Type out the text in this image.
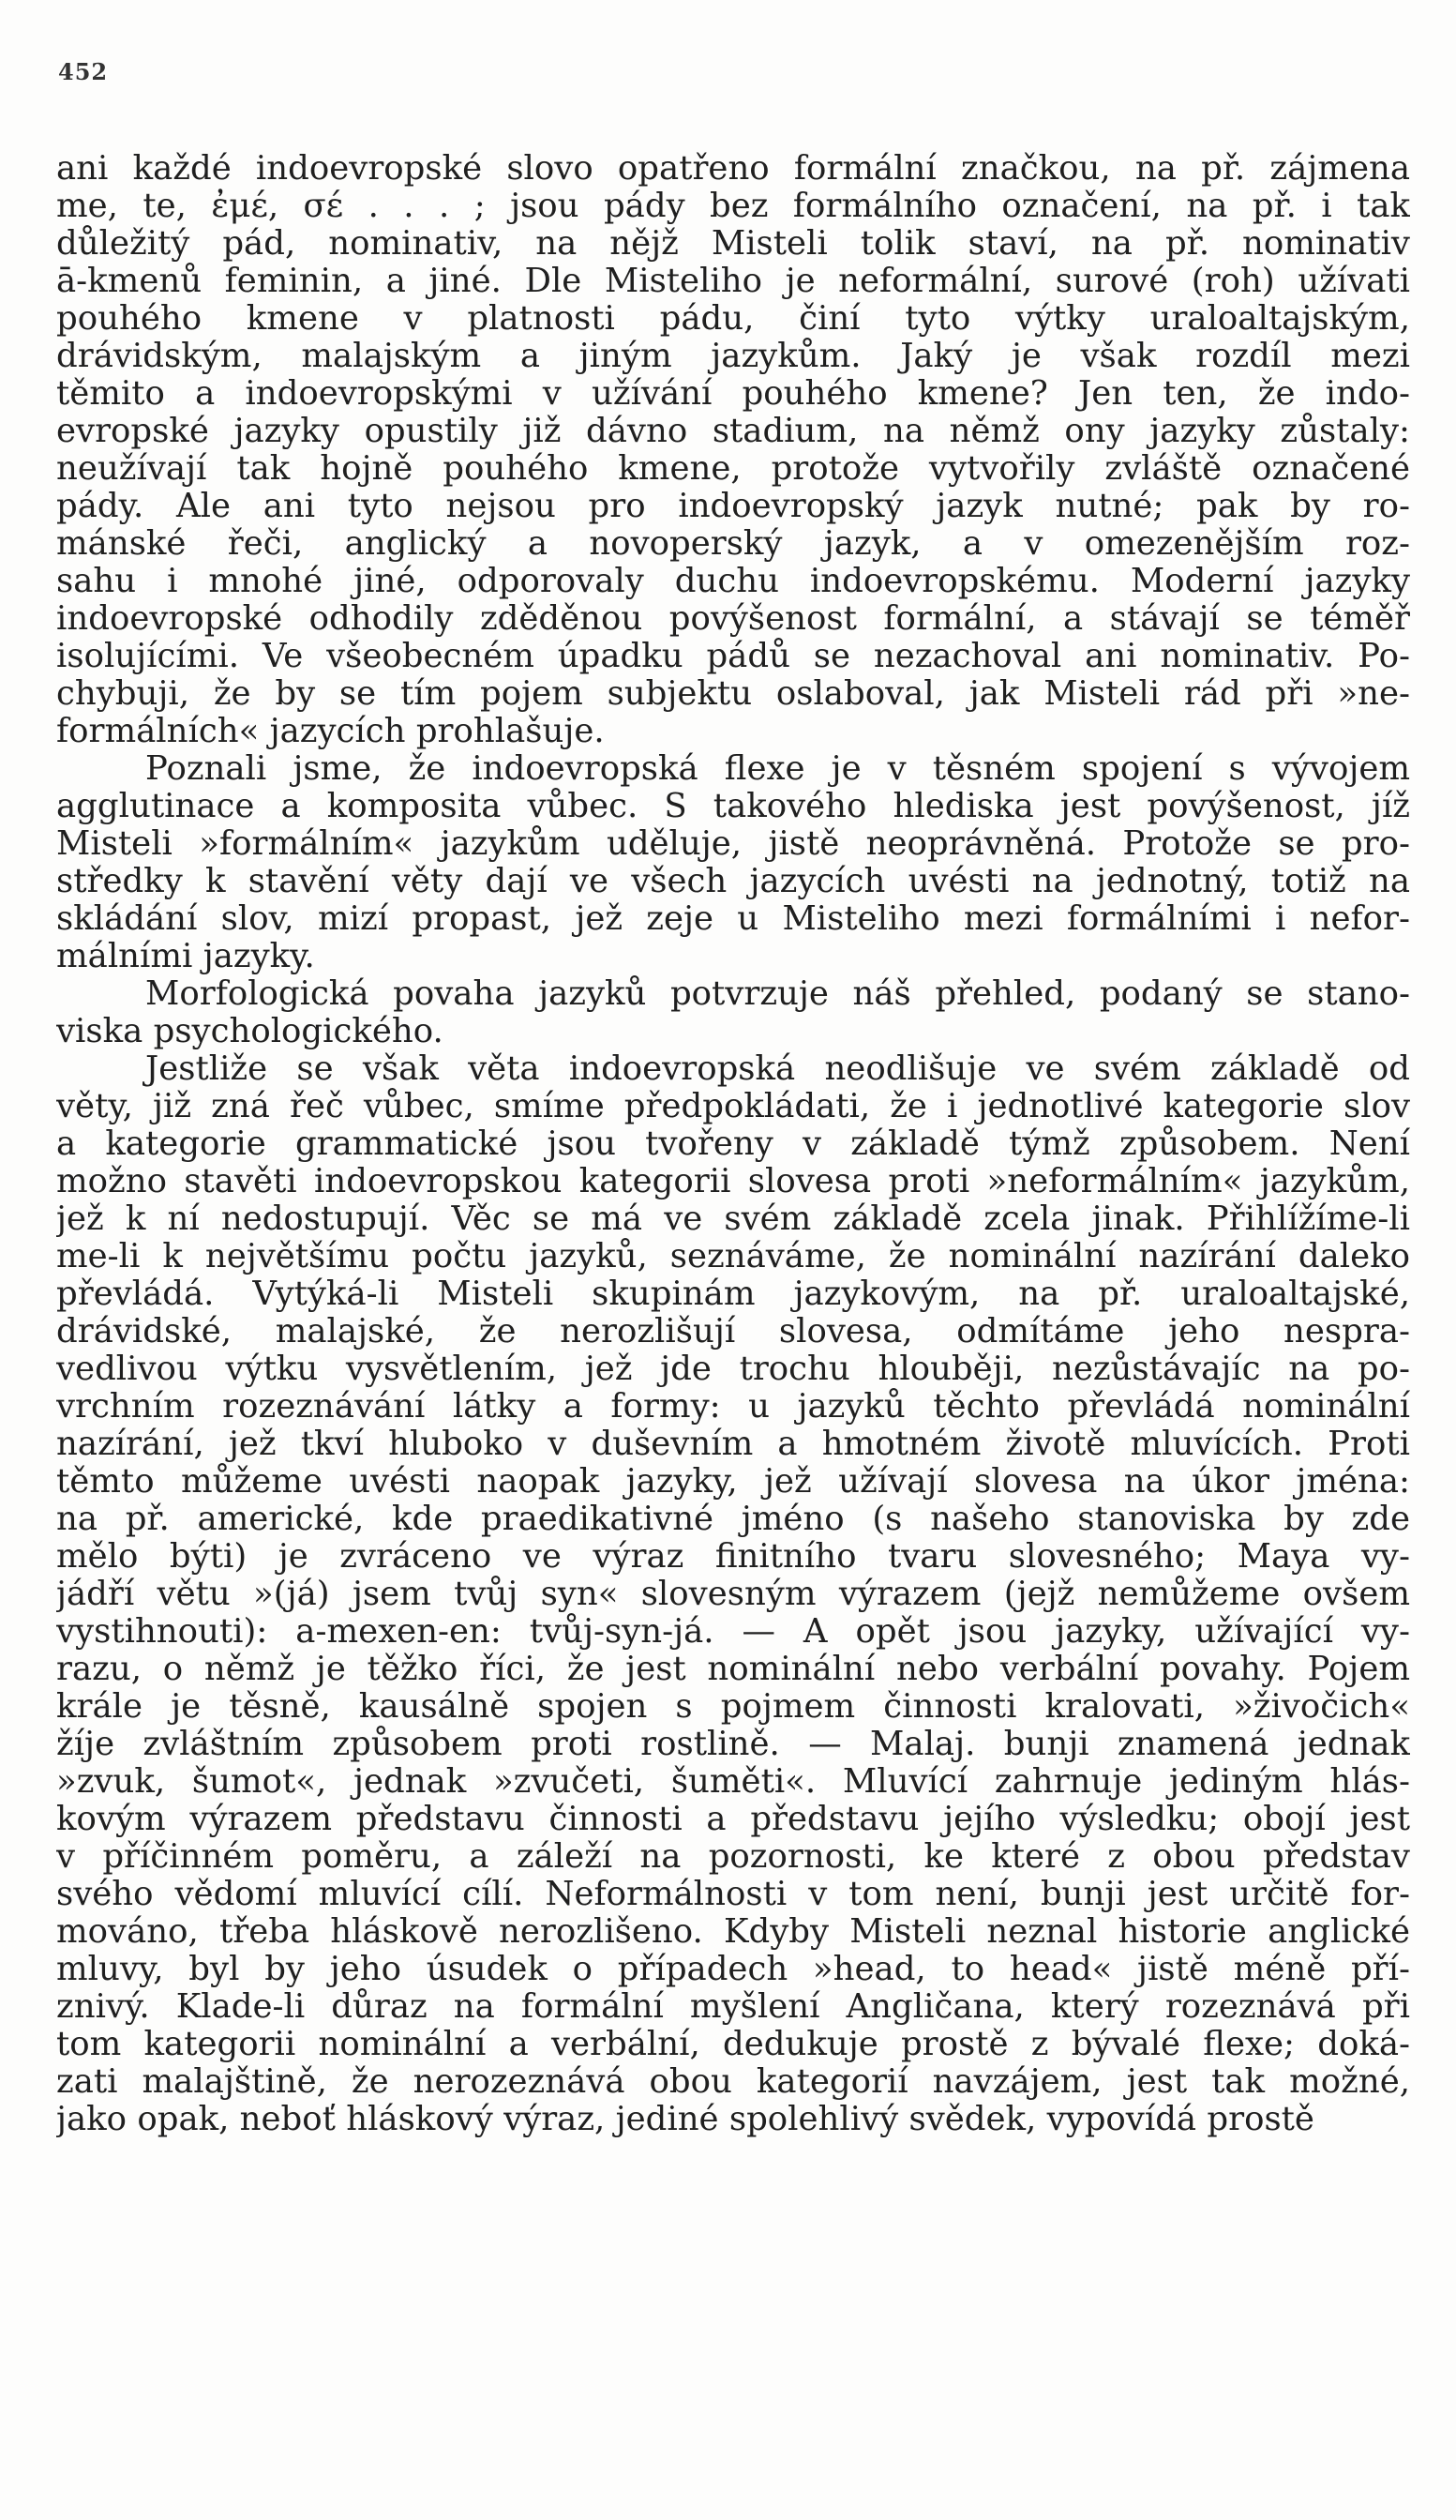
452
ani každé indoevropské slovo opatřeno formální značkou, na př. zájmena
me, te, ἐμέ, σέ . . . ; jsou pády bez formálního označení, na př. i tak
důležitý pád, nominativ, na nějž Misteli tolik staví, na př. nominativ
ā-kmenů feminin, a jiné. Dle Misteliho je neformální, surové (roh) užívati
pouhého kmene v platnosti pádu, činí tyto výtky uraloaltajským,
drávidským, malajským a jiným jazykům. Jaký je však rozdíl mezi
těmito a indoevropskými v užívání pouhého kmene? Jen ten, že indo-
evropské jazyky opustily již dávno stadium, na němž ony jazyky zůstaly:
neužívají tak hojně pouhého kmene, protože vytvořily zvláště označené
pády. Ale ani tyto nejsou pro indoevropský jazyk nutné; pak by ro-
mánské řeči, anglický a novoperský jazyk, a v omezenějším roz-
sahu i mnohé jiné, odporovaly duchu indoevropskému. Moderní jazyky
indoevropské odhodily zděděnou povýšenost formální, a stávají se téměř
isolujícími. Ve všeobecném úpadku pádů se nezachoval ani nominativ. Po-
chybuji, že by se tím pojem subjektu oslaboval, jak Misteli rád při »ne-
formálních« jazycích prohlašuje.
Poznali jsme, že indoevropská flexe je v těsném spojení s vývojem
agglutinace a komposita vůbec. S takového hlediska jest povýšenost, jíž
Misteli »formálním« jazykům uděluje, jistě neoprávněná. Protože se pro-
středky k stavění věty dají ve všech jazycích uvésti na jednotný, totiž na
skládání slov, mizí propast, jež zeje u Misteliho mezi formálními i nefor-
málními jazyky.
Morfologická povaha jazyků potvrzuje náš přehled, podaný se stano-
viska psychologického.
Jestliže se však věta indoevropská neodlišuje ve svém základě od
věty, již zná řeč vůbec, smíme předpokládati, že i jednotlivé kategorie slov
a kategorie grammatické jsou tvořeny v základě týmž způsobem. Není
možno stavěti indoevropskou kategorii slovesa proti »neformálním« jazykům,
jež k ní nedostupují. Věc se má ve svém základě zcela jinak. Přihlížíme-li
me-li k největšímu počtu jazyků, seznáváme, že nominální nazírání daleko
převládá. Vytýká-li Misteli skupinám jazykovým, na př. uraloaltajské,
drávidské, malajské, že nerozlišují slovesa, odmítáme jeho nespra-
vedlivou výtku vysvětlením, jež jde trochu hlouběji, nezůstávajíc na po-
vrchním rozeznávání látky a formy: u jazyků těchto převládá nominální
nazírání, jež tkví hluboko v duševním a hmotném životě mluvících. Proti
těmto můžeme uvésti naopak jazyky, jež užívají slovesa na úkor jména:
na př. americké, kde praedikativné jméno (s našeho stanoviska by zde
mělo býti) je zvráceno ve výraz finitního tvaru slovesného; Maya vy-
jádří větu »(já) jsem tvůj syn« slovesným výrazem (jejž nemůžeme ovšem
vystihnouti): a-mexen-en: tvůj-syn-já. — A opět jsou jazyky, užívající vy-
razu, o němž je těžko říci, že jest nominální nebo verbální povahy. Pojem
krále je těsně, kausálně spojen s pojmem činnosti kralovati, »živočich«
žíje zvláštním způsobem proti rostlině. — Malaj. bunji znamená jednak
»zvuk, šumot«, jednak »zvučeti, šuměti«. Mluvící zahrnuje jediným hlás-
kovým výrazem představu činnosti a představu jejího výsledku; obojí jest
v příčinném poměru, a záleží na pozornosti, ke které z obou představ
svého vědomí mluvící cílí. Neformálnosti v tom není, bunji jest určitě for-
mováno, třeba hláskově nerozlišeno. Kdyby Misteli neznal historie anglické
mluvy, byl by jeho úsudek o případech »head, to head« jistě méně pří-
znivý. Klade-li důraz na formální myšlení Angličana, který rozeznává při
tom kategorii nominální a verbální, dedukuje prostě z bývalé flexe; doká-
zati malajštině, že nerozeznává obou kategorií navzájem, jest tak možné,
jako opak, neboť hláskový výraz, jediné spolehlivý svědek, vypovídá prostě
